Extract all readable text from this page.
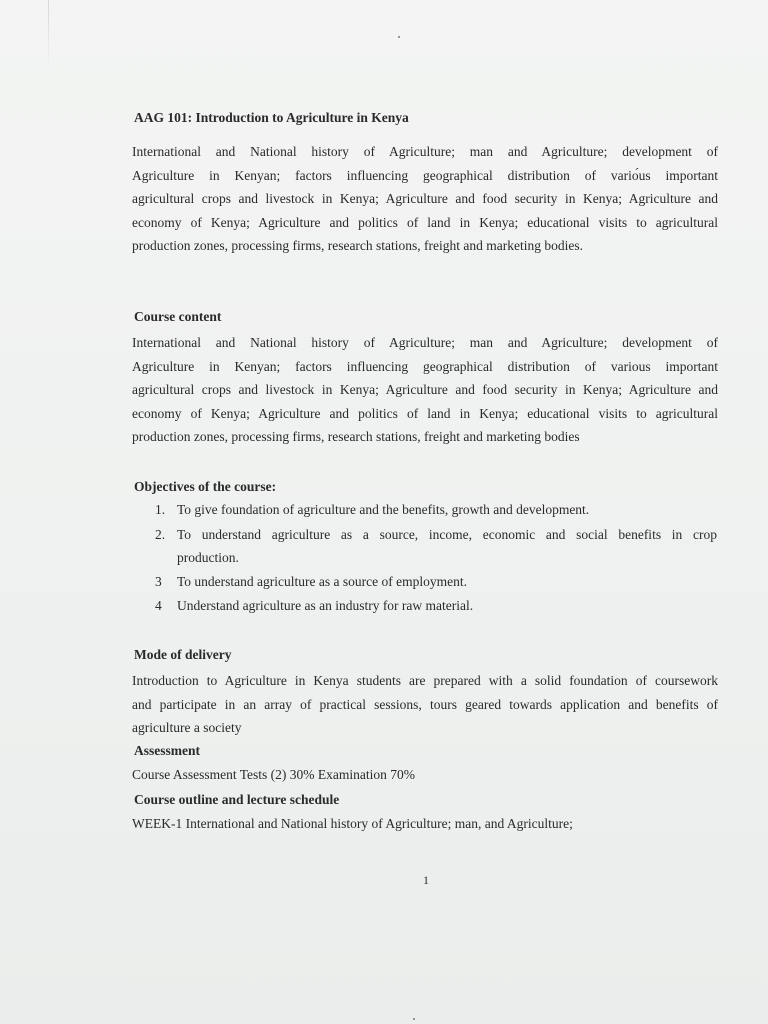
AAG 101: Introduction to Agriculture in Kenya
International and National history of Agriculture; man and Agriculture; development of
Agriculture in Kenyan; factors influencing geographical distribution of variо́us important
agricultural crops and livestock in Kenya; Agriculture and food security in Kenya; Agriculture and
economy of Kenya; Agriculture and politics of land in Kenya; educational visits to agricultural
production zones, processing firms, research stations, freight and marketing bodies.
Course content
International and National history of Agriculture; man and Agriculture; development of
Agriculture in Kenyan; factors influencing geographical distribution of various important
agricultural crops and livestock in Kenya; Agriculture and food security in Kenya; Agriculture and
economy of Kenya; Agriculture and politics of land in Kenya; educational visits to agricultural
production zones, processing firms, research stations, freight and marketing bodies
Objectives of the course:
1. To give foundation of agriculture and the benefits, growth and development.
2. To understand agriculture as a source, income, economic and social benefits in crop
production.
3 To understand agriculture as a source of employment.
4 Understand agriculture as an industry for raw material.
Mode of delivery
Introduction to Agriculture in Kenya students are prepared with a solid foundation of coursework
and participate in an array of practical sessions, tours geared towards application and benefits of
agriculture a society
Assessment
Course Assessment Tests (2) 30% Examination 70%
Course outline and lecture schedule
WEEK-1 International and National history of Agriculture; man, and Agriculture;
1
